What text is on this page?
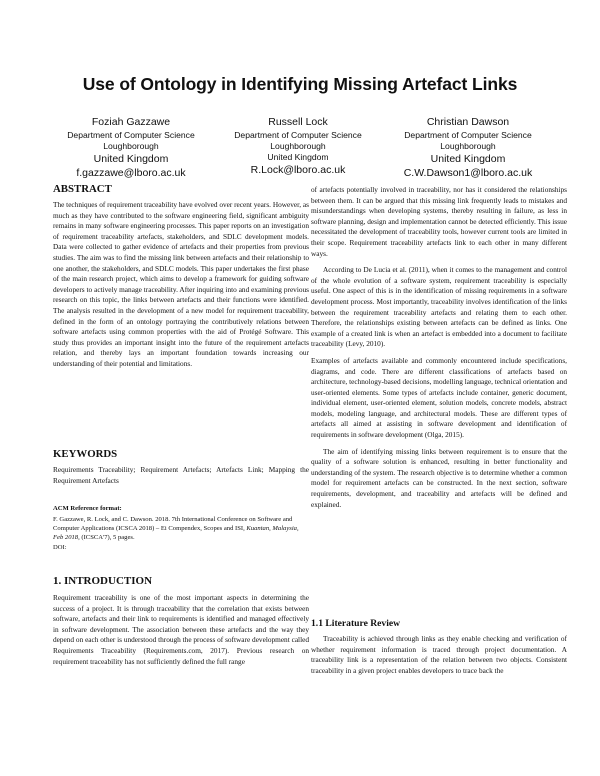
Use of Ontology in Identifying Missing Artefact Links
Foziah Gazzawe
Department of Computer Science
Loughborough
United Kingdom
f.gazzawe@lboro.ac.uk
Russell Lock
Department of Computer Science
Loughborough
United Kingdom
R.Lock@lboro.ac.uk
Christian Dawson
Department of Computer Science
Loughborough
United Kingdom
C.W.Dawson1@lboro.ac.uk
ABSTRACT
The techniques of requirement traceability have evolved over recent years. However, as much as they have contributed to the software engineering field, significant ambiguity remains in many software engineering processes. This paper reports on an investigation of requirement traceability artefacts, stakeholders, and SDLC development models. Data were collected to gather evidence of artefacts and their properties from previous studies. The aim was to find the missing link between artefacts and their relationship to one another, the stakeholders, and SDLC models. This paper undertakes the first phase of the main research project, which aims to develop a framework for guiding software developers to actively manage traceability. After inquiring into and examining previous research on this topic, the links between artefacts and their functions were identified. The analysis resulted in the development of a new model for requirement traceability, defined in the form of an ontology portraying the contributively relations between software artefacts using common properties with the aid of Protégé Software. This study thus provides an important insight into the future of the requirement artefacts relation, and thereby lays an important foundation towards increasing our understanding of their potential and limitations.
KEYWORDS
Requirements Traceability; Requirement Artefacts; Artefacts Link; Mapping the Requirement Artefacts
ACM Reference format:
F. Gazzawe, R. Lock, and C. Dawson. 2018. 7th International Conference on Software and Computer Applications (ICSCA 2018) – Ei Compendex, Scopes and ISI, Kuantan, Malaysia, Feb 2018, (ICSCA'7), 5 pages.
DOI:
1. INTRODUCTION
Requirement traceability is one of the most important aspects in determining the success of a project. It is through traceability that the correlation that exists between software, artefacts and their link to requirements is identified and managed effectively in software development. The association between these artefacts and the way they depend on each other is understood through the process of software development called Requirements Traceability (Requirements.com, 2017). Previous research on requirement traceability has not sufficiently defined the full range
of artefacts potentially involved in traceability, nor has it considered the relationships between them. It can be argued that this missing link frequently leads to mistakes and misunderstandings when developing systems, thereby resulting in failure, as less in software planning, design and implementation cannot be detected efficiently. This issue necessitated the development of traceability tools, however current tools are limited in their scope. Requirement traceability artefacts link to each other in many different ways.
According to De Lucia et al. (2011), when it comes to the management and control of the whole evolution of a software system, requirement traceability is especially useful. One aspect of this is in the identification of missing requirements in a software development process. Most importantly, traceability involves identification of the links between the requirement traceability artefacts and relating them to each other. Therefore, the relationships existing between artefacts can be defined as links. One example of a created link is when an artefact is embedded into a document to facilitate traceability (Levy, 2010).
Examples of artefacts available and commonly encountered include specifications, diagrams, and code. There are different classifications of artefacts based on architecture, technology-based decisions, modelling language, technical orientation and user-oriented elements. Some types of artefacts include container, generic document, individual element, user-oriented element, solution models, concrete models, abstract models, modeling language, and architectural models. These are different types of artefacts all aimed at assisting in software development and identification of requirements in software development (Olga, 2015).
The aim of identifying missing links between requirement is to ensure that the quality of a software solution is enhanced, resulting in better functionality and understanding of the system. The research objective is to determine whether a common model for requirement artefacts can be constructed. In the next section, software requirements, development, and traceability and artefacts will be defined and explained.
1.1 Literature Review
Traceability is achieved through links as they enable checking and verification of whether requirement information is traced through project documentation. A traceability link is a representation of the relation between two objects. Consistent traceability in a given project enables developers to trace back the
